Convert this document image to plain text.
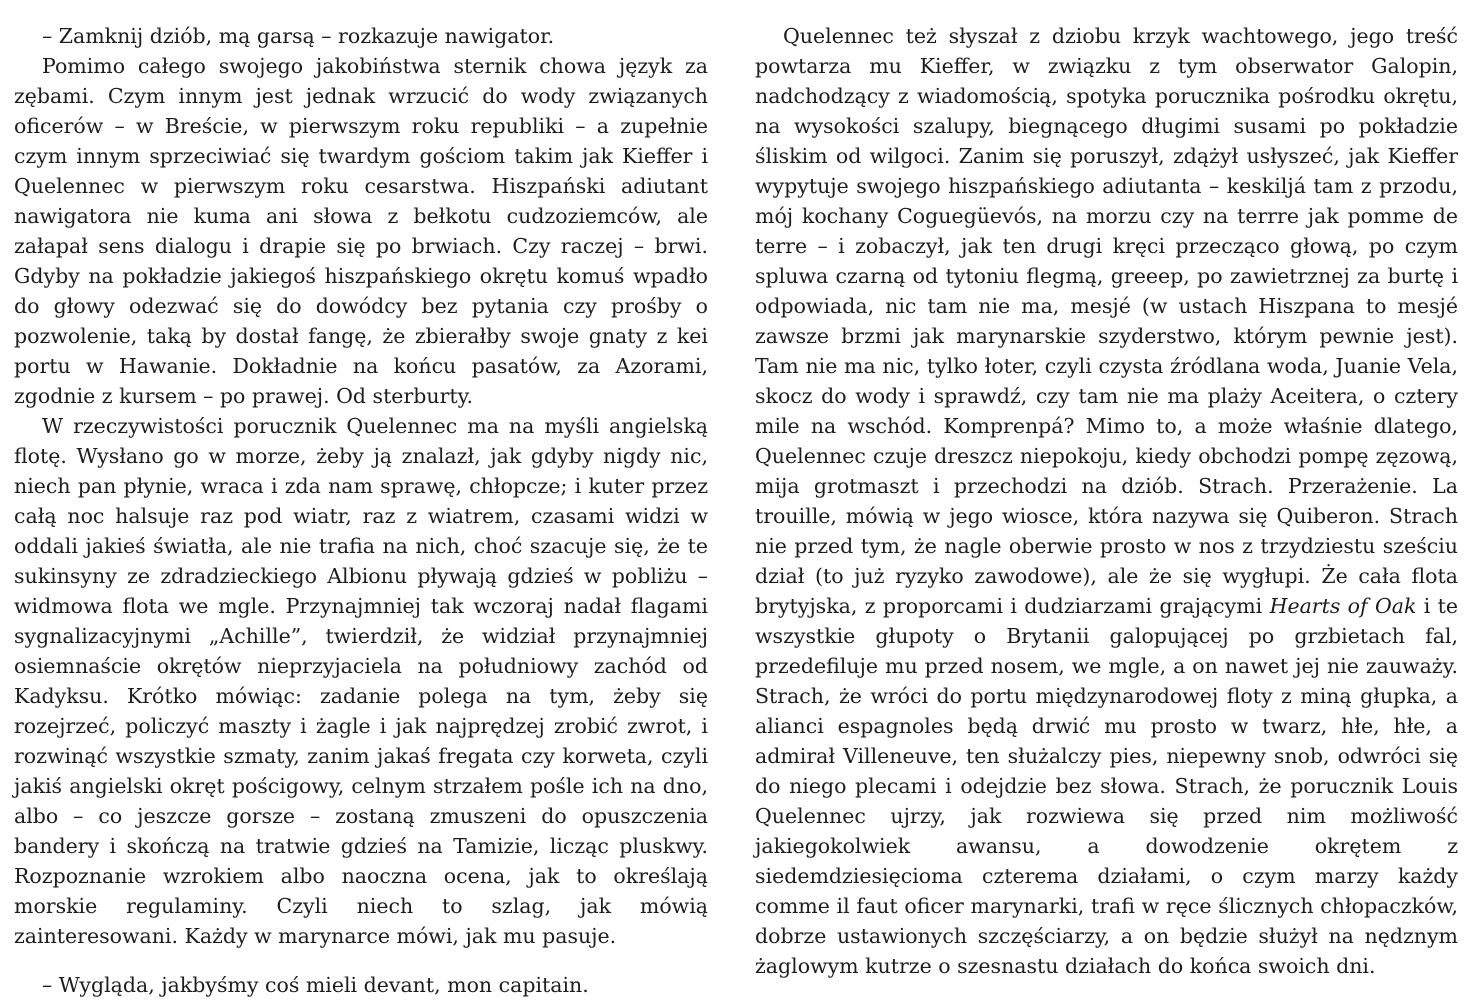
– Zamknij dziób, mą garsą – rozkazuje nawigator.

Pomimo całego swojego jakobiństwa sternik chowa język za zębami. Czym innym jest jednak wrzucić do wody związanych oficerów – w Breście, w pierwszym roku republiki – a zupełnie czym innym sprzeciwiać się twardym gościom takim jak Kieffer i Quelennec w pierwszym roku cesarstwa. Hiszpański adiutant nawigatora nie kuma ani słowa z bełkotu cudzoziemców, ale załapał sens dialogu i drapie się po brwiach. Czy raczej – brwi. Gdyby na pokładzie jakiegoś hiszpańskiego okrętu komuś wpadło do głowy odezwać się do dowódcy bez pytania czy prośby o pozwolenie, taką by dostał fangę, że zbierałby swoje gnaty z kei portu w Hawanie. Dokładnie na końcu pasatów, za Azorami, zgodnie z kursem – po prawej. Od sterburty.

W rzeczywistości porucznik Quelennec ma na myśli angielską flotę. Wysłano go w morze, żeby ją znalazł, jak gdyby nigdy nic, niech pan płynie, wraca i zda nam sprawę, chłopcze; i kuter przez całą noc halsuje raz pod wiatr, raz z wiatrem, czasami widzi w oddali jakieś światła, ale nie trafia na nich, choć szacuje się, że te sukinsyny ze zdradzieckiego Albionu pływają gdzieś w pobliżu – widmowa flota we mgle. Przynajmniej tak wczoraj nadał flagami sygnalizacyjnymi „Achille”, twierdził, że widział przynajmniej osiemnaście okrętów nieprzyjaciela na południowy zachód od Kadyksu. Krótko mówiąc: zadanie polega na tym, żeby się rozejrzeć, policzyć maszty i żagle i jak najprędzej zrobić zwrot, i rozwinąć wszystkie szmaty, zanim jakaś fregata czy korweta, czyli jakiś angielski okręt pościgowy, celnym strzałem pośle ich na dno, albo – co jeszcze gorsze – zostaną zmuszeni do opuszczenia bandery i skończą na tratwie gdzieś na Tamizie, licząc pluskwy. Rozpoznanie wzrokiem albo naoczna ocena, jak to określają morskie regulaminy. Czyli niech to szlag, jak mówią zainteresowani. Każdy w marynarce mówi, jak mu pasuje.

– Wygląda, jakbyśmy coś mieli devant, mon capitain.

Quelennec też słyszał z dziobu krzyk wachtowego, jego treść powtarza mu Kieffer, w związku z tym obserwator Galopin, nadchodzący z wiadomością, spotyka porucznika pośrodku okrętu, na wysokości szalupy, biegnącego długimi susami po pokładzie śliskim od wilgoci. Zanim się poruszył, zdążył usłyszeć, jak Kieffer wypytuje swojego hiszpańskiego adiutanta – keskiljá tam z przodu, mój kochany Coguegüevós, na morzu czy na terrre jak pomme de terre – i zobaczył, jak ten drugi kręci przecząco głową, po czym spluwa czarną od tytoniu flegmą, greeep, po zawietrznej za burtę i odpowiada, nic tam nie ma, mesjé (w ustach Hiszpana to mesjé zawsze brzmi jak marynarskie szyderstwo, którym pewnie jest). Tam nie ma nic, tylko łoter, czyli czysta źródlana woda, Juanie Vela, skocz do wody i sprawdź, czy tam nie ma plaży Aceitera, o cztery mile na wschód. Komprenpá? Mimo to, a może właśnie dlatego, Quelennec czuje dreszcz niepokoju, kiedy obchodzi pompę zęzową, mija grotmaszt i przechodzi na dziób. Strach. Przerażenie. La trouille, mówią w jego wiosce, która nazywa się Quiberon. Strach nie przed tym, że nagle oberwie prosto w nos z trzydziestu sześciu dział (to już ryzyko zawodowe), ale że się wygłupi. Że cała flota brytyjska, z proporcami i dudziarzami grającymi Hearts of Oak i te wszystkie głupoty o Brytanii galopującej po grzbietach fal, przedefiluje mu przed nosem, we mgle, a on nawet jej nie zauważy. Strach, że wróci do portu międzynarodowej floty z miną głupka, a alianci espagnoles będą drwić mu prosto w twarz, hłe, hłe, a admirał Villeneuve, ten służalczy pies, niepewny snob, odwróci się do niego plecami i odejdzie bez słowa. Strach, że porucznik Louis Quelennec ujrzy, jak rozwiewa się przed nim możliwość jakiegokolwiek awansu, a dowodzenie okrętem z siedemdziesięcioma czterema działami, o czym marzy każdy comme il faut oficer marynarki, trafi w ręce ślicznych chłopaczków, dobrze ustawionych szczęściarzy, a on będzie służył na nędznym żaglowym kutrze o szesnastu działach do końca swoich dni.
